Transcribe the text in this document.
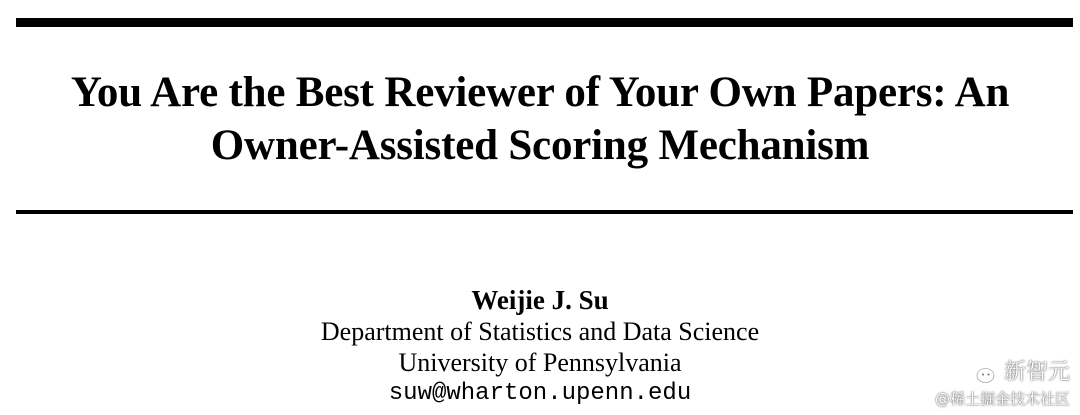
You Are the Best Reviewer of Your Own Papers: An
Owner-Assisted Scoring Mechanism
Weijie J. Su
Department of Statistics and Data Science
University of Pennsylvania
suw@wharton.upenn.edu
新智元
@稀土掘金技术社区
